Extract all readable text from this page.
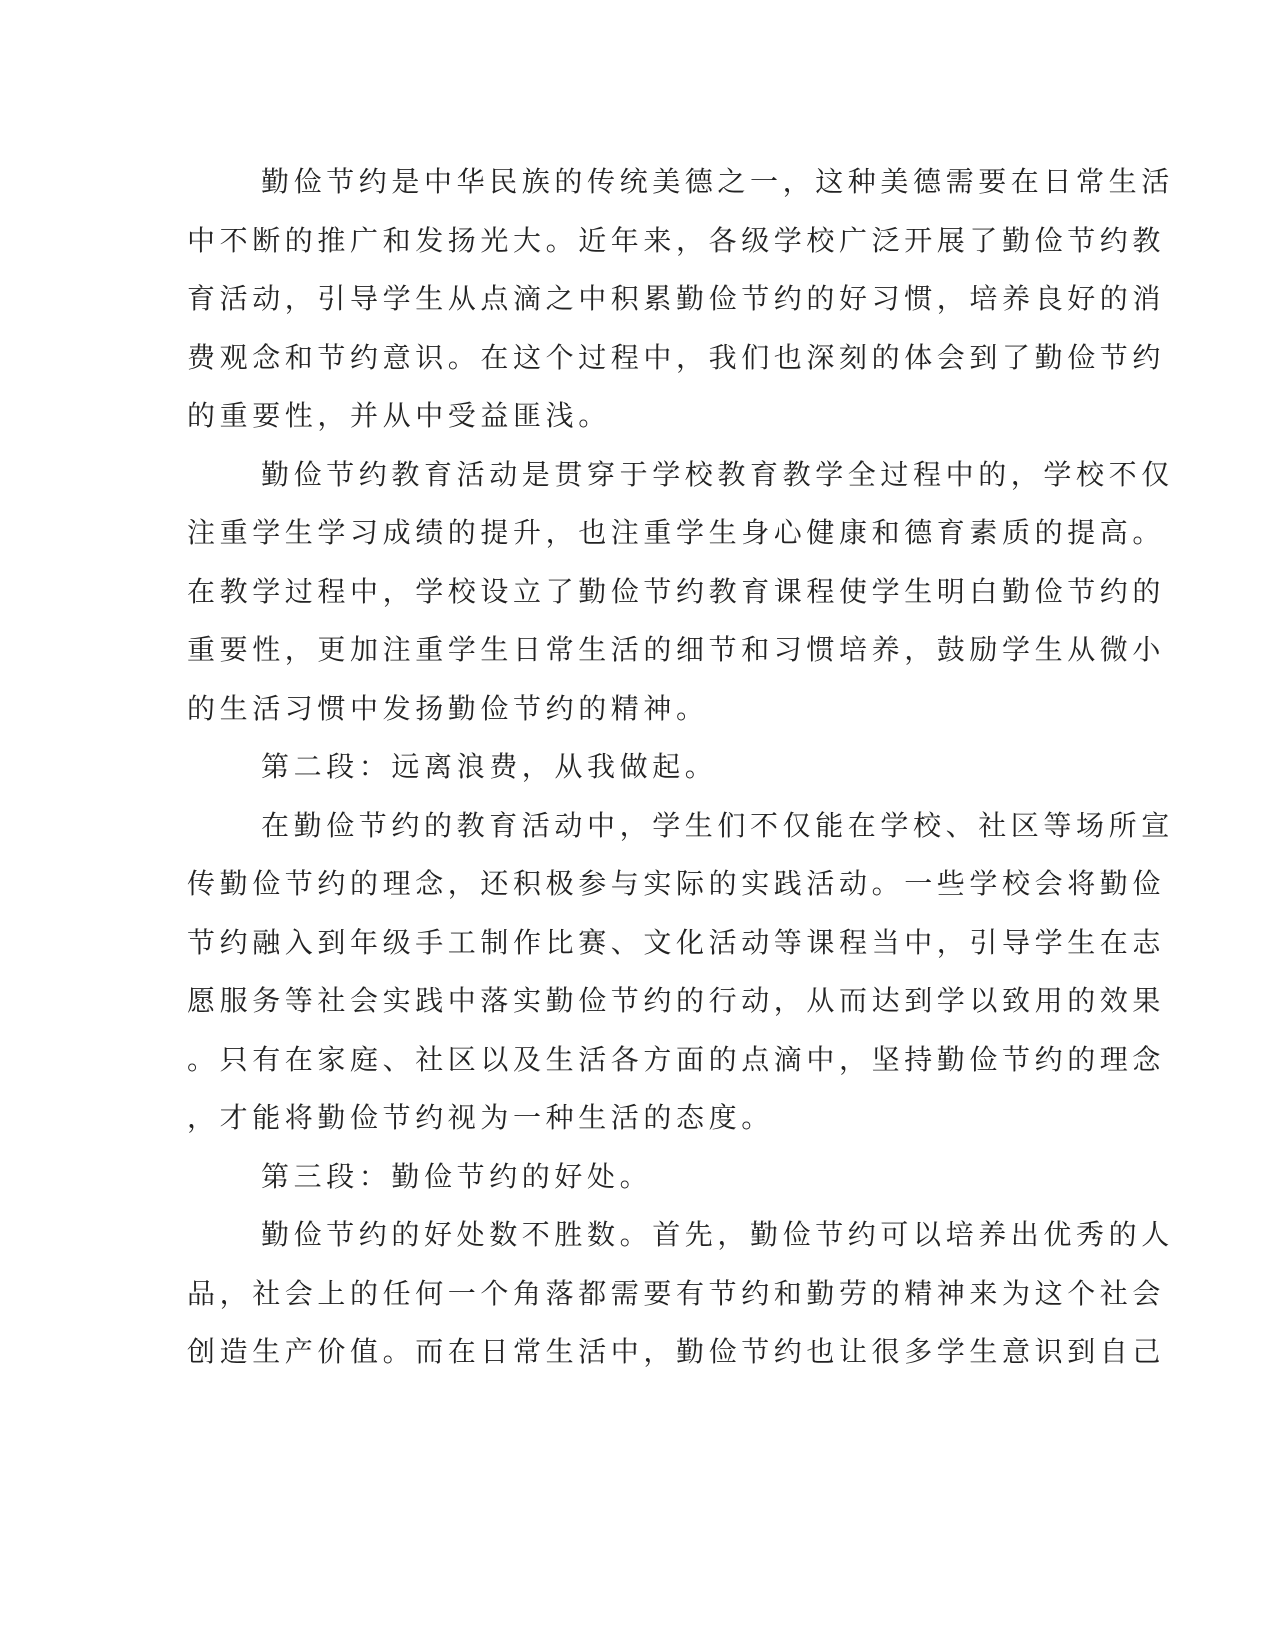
勤俭节约是中华民族的传统美德之一，这种美德需要在日常生活
中不断的推广和发扬光大。近年来，各级学校广泛开展了勤俭节约教
育活动，引导学生从点滴之中积累勤俭节约的好习惯，培养良好的消
费观念和节约意识。在这个过程中，我们也深刻的体会到了勤俭节约
的重要性，并从中受益匪浅。
勤俭节约教育活动是贯穿于学校教育教学全过程中的，学校不仅
注重学生学习成绩的提升，也注重学生身心健康和德育素质的提高。
在教学过程中，学校设立了勤俭节约教育课程使学生明白勤俭节约的
重要性，更加注重学生日常生活的细节和习惯培养，鼓励学生从微小
的生活习惯中发扬勤俭节约的精神。
第二段：远离浪费，从我做起。
在勤俭节约的教育活动中，学生们不仅能在学校、社区等场所宣
传勤俭节约的理念，还积极参与实际的实践活动。一些学校会将勤俭
节约融入到年级手工制作比赛、文化活动等课程当中，引导学生在志
愿服务等社会实践中落实勤俭节约的行动，从而达到学以致用的效果
。只有在家庭、社区以及生活各方面的点滴中，坚持勤俭节约的理念
，才能将勤俭节约视为一种生活的态度。
第三段：勤俭节约的好处。
勤俭节约的好处数不胜数。首先，勤俭节约可以培养出优秀的人
品，社会上的任何一个角落都需要有节约和勤劳的精神来为这个社会
创造生产价值。而在日常生活中，勤俭节约也让很多学生意识到自己
